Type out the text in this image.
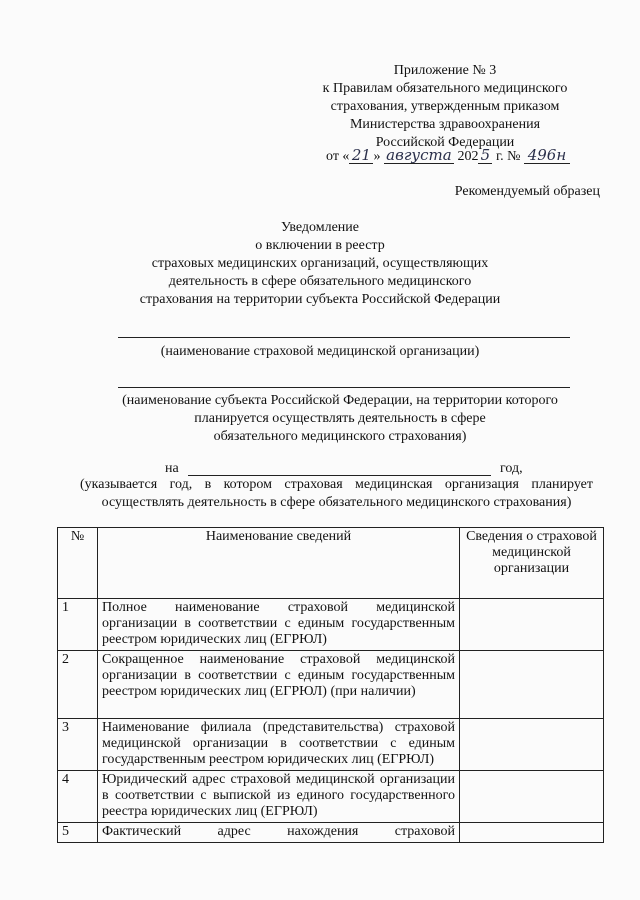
Приложение № 3
к Правилам обязательного медицинского
страхования, утвержденным приказом
Министерства здравоохранения
Российской Федерации
от « 21 » августа 202 5 г. № 496н
Рекомендуемый образец
Уведомление
о включении в реестр
страховых медицинских организаций, осуществляющих
деятельность в сфере обязательного медицинского
страхования на территории субъекта Российской Федерации
(наименование страховой медицинской организации)
(наименование субъекта Российской Федерации, на территории которого
планируется осуществлять деятельность в сфере
обязательного медицинского страхования)
на	год,
(указывается год, в котором страховая медицинская организация планирует осуществлять деятельность в сфере обязательного медицинского страхования)
№	Наименование сведений	Сведения о страховой медицинской организации
1	Полное наименование страховой медицинской организации в соответствии с единым государственным реестром юридических лиц (ЕГРЮЛ)	
2	Сокращенное наименование страховой медицинской организации в соответствии с единым государственным реестром юридических лиц (ЕГРЮЛ) (при наличии)	
3	Наименование филиала (представительства) страховой медицинской организации в соответствии с единым государственным реестром юридических лиц (ЕГРЮЛ)	
4	Юридический адрес страховой медицинской организации в соответствии с выпиской из единого государственного реестра юридических лиц (ЕГРЮЛ)	
5	Фактический адрес нахождения страховой	
